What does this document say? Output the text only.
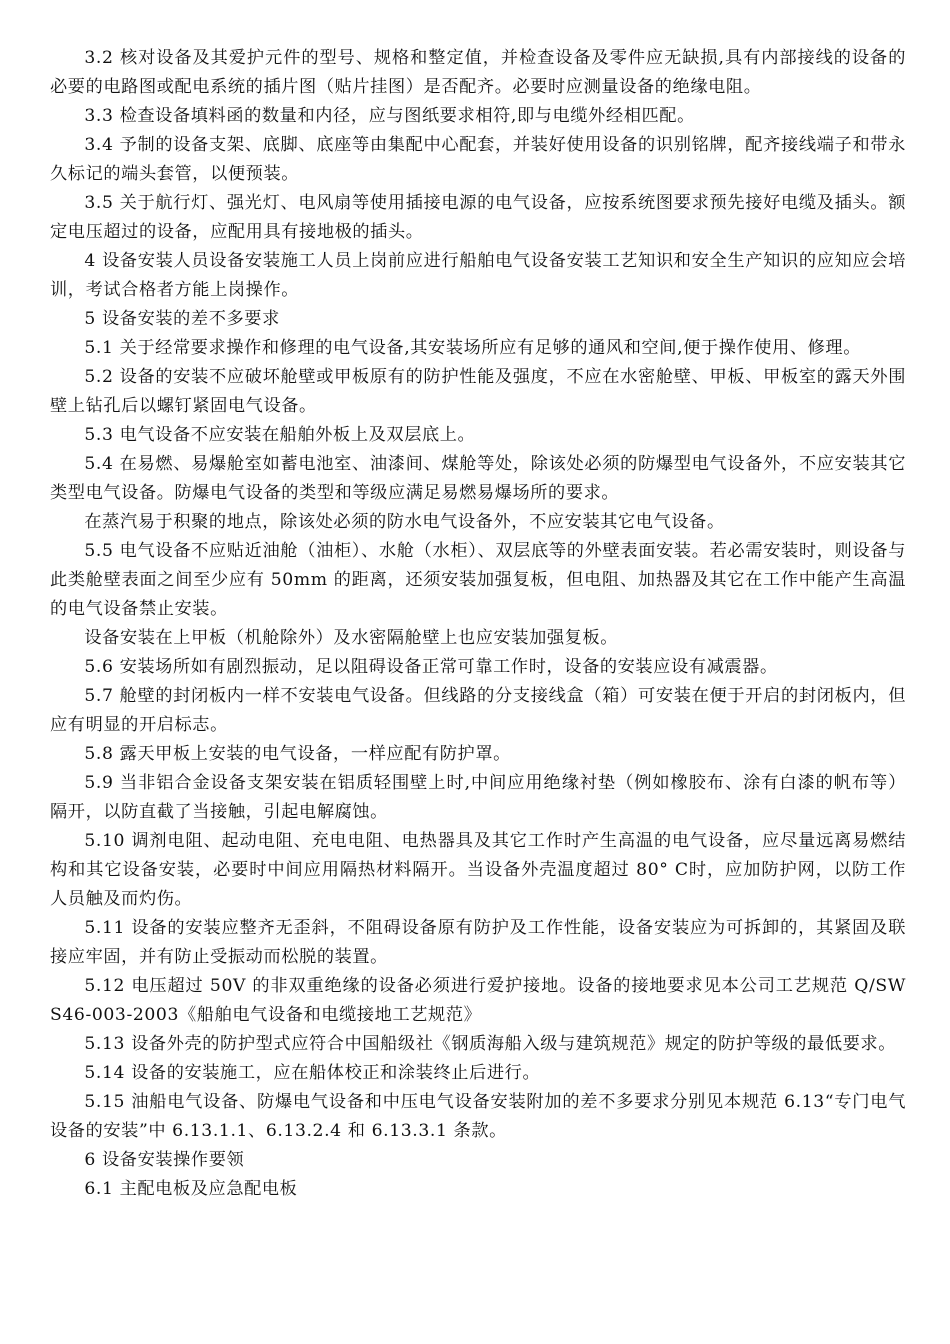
3.2 核对设备及其爱护元件的型号、规格和整定值，并检查设备及零件应无缺损,具有内部接线的设备的必要的电路图或配电系统的插片图（贴片挂图）是否配齐。必要时应测量设备的绝缘电阻。

3.3 检查设备填料函的数量和内径，应与图纸要求相符,即与电缆外经相匹配。

3.4 予制的设备支架、底脚、底座等由集配中心配套，并装好使用设备的识别铭牌，配齐接线端子和带永久标记的端头套管，以便预装。

3.5 关于航行灯、强光灯、电风扇等使用插接电源的电气设备，应按系统图要求预先接好电缆及插头。额定电压超过的设备，应配用具有接地极的插头。

4 设备安装人员设备安装施工人员上岗前应进行船舶电气设备安装工艺知识和安全生产知识的应知应会培训，考试合格者方能上岗操作。

5 设备安装的差不多要求

5.1 关于经常要求操作和修理的电气设备,其安装场所应有足够的通风和空间,便于操作使用、修理。

5.2 设备的安装不应破坏舱壁或甲板原有的防护性能及强度，不应在水密舱壁、甲板、甲板室的露天外围壁上钻孔后以螺钉紧固电气设备。

5.3 电气设备不应安装在船舶外板上及双层底上。

5.4 在易燃、易爆舱室如蓄电池室、油漆间、煤舱等处，除该处必须的防爆型电气设备外，不应安装其它类型电气设备。防爆电气设备的类型和等级应满足易燃易爆场所的要求。

在蒸汽易于积聚的地点，除该处必须的防水电气设备外，不应安装其它电气设备。

5.5 电气设备不应贴近油舱（油柜）、水舱（水柜）、双层底等的外壁表面安装。若必需安装时，则设备与此类舱壁表面之间至少应有 50mm 的距离，还须安装加强复板，但电阻、加热器及其它在工作中能产生高温的电气设备禁止安装。

设备安装在上甲板（机舱除外）及水密隔舱壁上也应安装加强复板。

5.6 安装场所如有剧烈振动，足以阻碍设备正常可靠工作时，设备的安装应设有减震器。

5.7 舱壁的封闭板内一样不安装电气设备。但线路的分支接线盒（箱）可安装在便于开启的封闭板内，但应有明显的开启标志。

5.8 露天甲板上安装的电气设备，一样应配有防护罩。

5.9 当非铝合金设备支架安装在铝质轻围壁上时,中间应用绝缘衬垫（例如橡胶布、涂有白漆的帆布等）隔开，以防直截了当接触，引起电解腐蚀。

5.10 调剂电阻、起动电阻、充电电阻、电热器具及其它工作时产生高温的电气设备，应尽量远离易燃结构和其它设备安装，必要时中间应用隔热材料隔开。当设备外壳温度超过 80° C时，应加防护网，以防工作人员触及而灼伤。

5.11 设备的安装应整齐无歪斜，不阻碍设备原有防护及工作性能，设备安装应为可拆卸的，其紧固及联接应牢固，并有防止受振动而松脱的装置。

5.12 电压超过 50V 的非双重绝缘的设备必须进行爱护接地。设备的接地要求见本公司工艺规范 Q/SWS46-003-2003《船舶电气设备和电缆接地工艺规范》

5.13 设备外壳的防护型式应符合中国船级社《钢质海船入级与建筑规范》规定的防护等级的最低要求。

5.14 设备的安装施工，应在船体校正和涂装终止后进行。

5.15 油船电气设备、防爆电气设备和中压电气设备安装附加的差不多要求分别见本规范 6.13“专门电气设备的安装”中 6.13.1.1、6.13.2.4 和 6.13.3.1 条款。

6 设备安装操作要领

6.1 主配电板及应急配电板
